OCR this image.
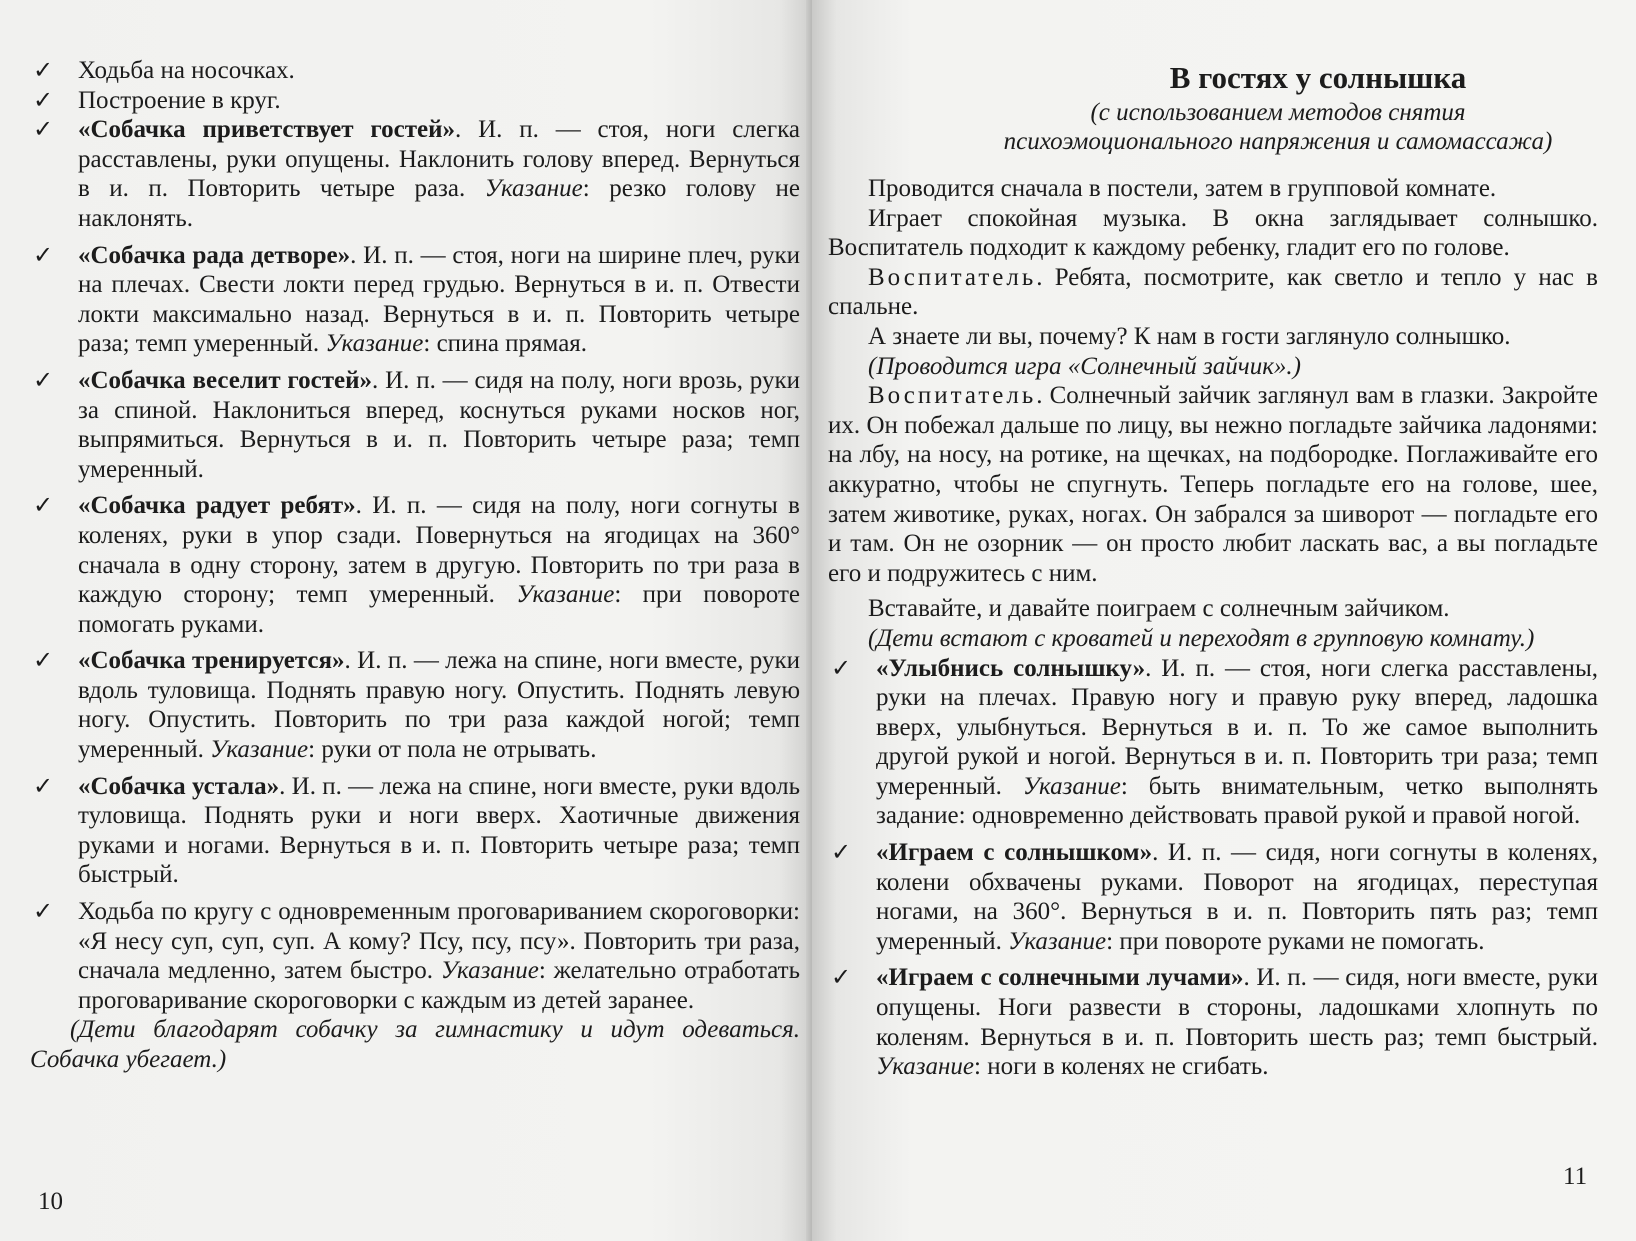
✓ Ходьба на носочках.
✓ Построение в круг.
✓ «Собачка приветствует гостей». И. п. — стоя, ноги слегка расставлены, руки опущены. Наклонить голову вперед. Вернуться в и. п. Повторить четыре раза. Указание: резко голову не наклонять.
✓ «Собачка рада детворе». И. п. — стоя, ноги на ширине плеч, руки на плечах. Свести локти перед грудью. Вернуться в и. п. Отвести локти максимально назад. Вернуться в и. п. Повторить четыре раза; темп умеренный. Указание: спина прямая.
✓ «Собачка веселит гостей». И. п. — сидя на полу, ноги врозь, руки за спиной. Наклониться вперед, коснуться руками носков ног, выпрямиться. Вернуться в и. п. Повторить четыре раза; темп умеренный.
✓ «Собачка радует ребят». И. п. — сидя на полу, ноги согнуты в коленях, руки в упор сзади. Повернуться на ягодицах на 360° сначала в одну сторону, затем в другую. Повторить по три раза в каждую сторону; темп умеренный. Указание: при повороте помогать руками.
✓ «Собачка тренируется». И. п. — лежа на спине, ноги вместе, руки вдоль туловища. Поднять правую ногу. Опустить. Поднять левую ногу. Опустить. Повторить по три раза каждой ногой; темп умеренный. Указание: руки от пола не отрывать.
✓ «Собачка устала». И. п. — лежа на спине, ноги вместе, руки вдоль туловища. Поднять руки и ноги вверх. Хаотичные движения руками и ногами. Вернуться в и. п. Повторить четыре раза; темп быстрый.
✓ Ходьба по кругу с одновременным проговариванием скороговорки: «Я несу суп, суп, суп. А кому? Псу, псу, псу». Повторить три раза, сначала медленно, затем быстро. Указание: желательно отработать проговаривание скороговорки с каждым из детей заранее.
(Дети благодарят собачку за гимнастику и идут одеваться. Собачка убегает.)
10
В гостях у солнышка
(с использованием методов снятия психоэмоционального напряжения и самомассажа)
Проводится сначала в постели, затем в групповой комнате.
Играет спокойная музыка. В окна заглядывает солнышко. Воспитатель подходит к каждому ребенку, гладит его по голове.
Воспитатель. Ребята, посмотрите, как светло и тепло у нас в спальне.
А знаете ли вы, почему? К нам в гости заглянуло солнышко.
(Проводится игра «Солнечный зайчик».)
Воспитатель. Солнечный зайчик заглянул вам в глазки. Закройте их. Он побежал дальше по лицу, вы нежно погладьте зайчика ладонями: на лбу, на носу, на ротике, на щечках, на подбородке. Поглаживайте его аккуратно, чтобы не спугнуть. Теперь погладьте его на голове, шее, затем животике, руках, ногах. Он забрался за шиворот — погладьте его и там. Он не озорник — он просто любит ласкать вас, а вы погладьте его и подружитесь с ним.
Вставайте, и давайте поиграем с солнечным зайчиком.
(Дети встают с кроватей и переходят в групповую комнату.)
✓ «Улыбнись солнышку». И. п. — стоя, ноги слегка расставлены, руки на плечах. Правую ногу и правую руку вперед, ладошка вверх, улыбнуться. Вернуться в и. п. То же самое выполнить другой рукой и ногой. Вернуться в и. п. Повторить три раза; темп умеренный. Указание: быть внимательным, четко выполнять задание: одновременно действовать правой рукой и правой ногой.
✓ «Играем с солнышком». И. п. — сидя, ноги согнуты в коленях, колени обхвачены руками. Поворот на ягодицах, переступая ногами, на 360°. Вернуться в и. п. Повторить пять раз; темп умеренный. Указание: при повороте руками не помогать.
✓ «Играем с солнечными лучами». И. п. — сидя, ноги вместе, руки опущены. Ноги развести в стороны, ладошками хлопнуть по коленям. Вернуться в и. п. Повторить шесть раз; темп быстрый. Указание: ноги в коленях не сгибать.
11
